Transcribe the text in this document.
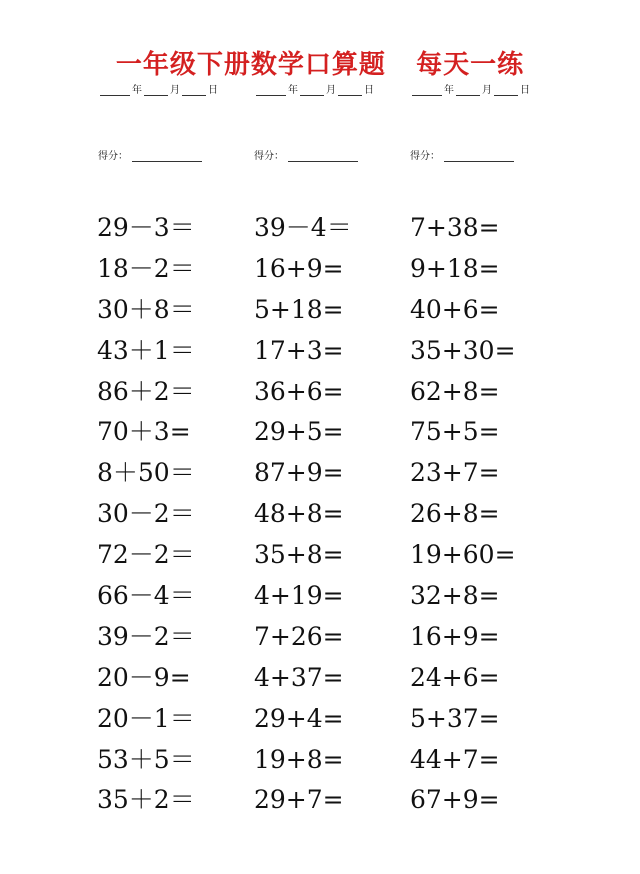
一年级下册数学口算题   每天一练
年	月	日	年	月	日	年	月	日
得分：	得分：	得分：
29－3＝
18－2＝
30＋8＝
43＋1＝
86＋2＝
70＋3=
8＋50＝
30－2＝
72－2＝
66－4＝
39－2＝
20－9=
20－1＝
53＋5＝
35＋2＝
39－4＝
16+9=
5+18=
17+3=
36+6=
29+5=
87+9=
48+8=
35+8=
4+19=
7+26=
4+37=
29+4=
19+8=
29+7=
7+38=
9+18=
40+6=
35+30=
62+8=
75+5=
23+7=
26+8=
19+60=
32+8=
16+9=
24+6=
5+37=
44+7=
67+9=
